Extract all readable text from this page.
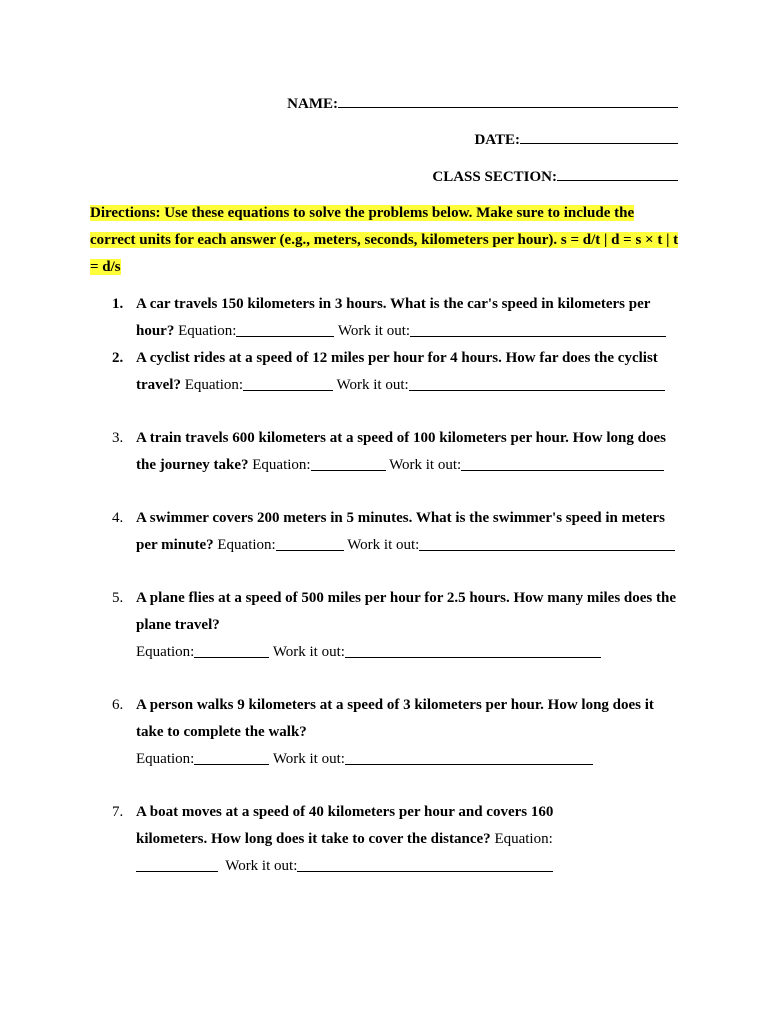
NAME:
DATE:
CLASS SECTION:
Directions: Use these equations to solve the problems below. Make sure to include the correct units for each answer (e.g., meters, seconds, kilometers per hour). s = d/t | d = s × t | t = d/s
1. A car travels 150 kilometers in 3 hours. What is the car's speed in kilometers per hour? Equation:	Work it out:
2. A cyclist rides at a speed of 12 miles per hour for 4 hours. How far does the cyclist travel? Equation:	Work it out:
3. A train travels 600 kilometers at a speed of 100 kilometers per hour. How long does the journey take? Equation:	Work it out:
4. A swimmer covers 200 meters in 5 minutes. What is the swimmer's speed in meters per minute? Equation:	Work it out:
5. A plane flies at a speed of 500 miles per hour for 2.5 hours. How many miles does the plane travel?
Equation:	Work it out:
6. A person walks 9 kilometers at a speed of 3 kilometers per hour. How long does it take to complete the walk?
Equation:	Work it out:
7. A boat moves at a speed of 40 kilometers per hour and covers 160 kilometers. How long does it take to cover the distance? Equation:  Work it out:
